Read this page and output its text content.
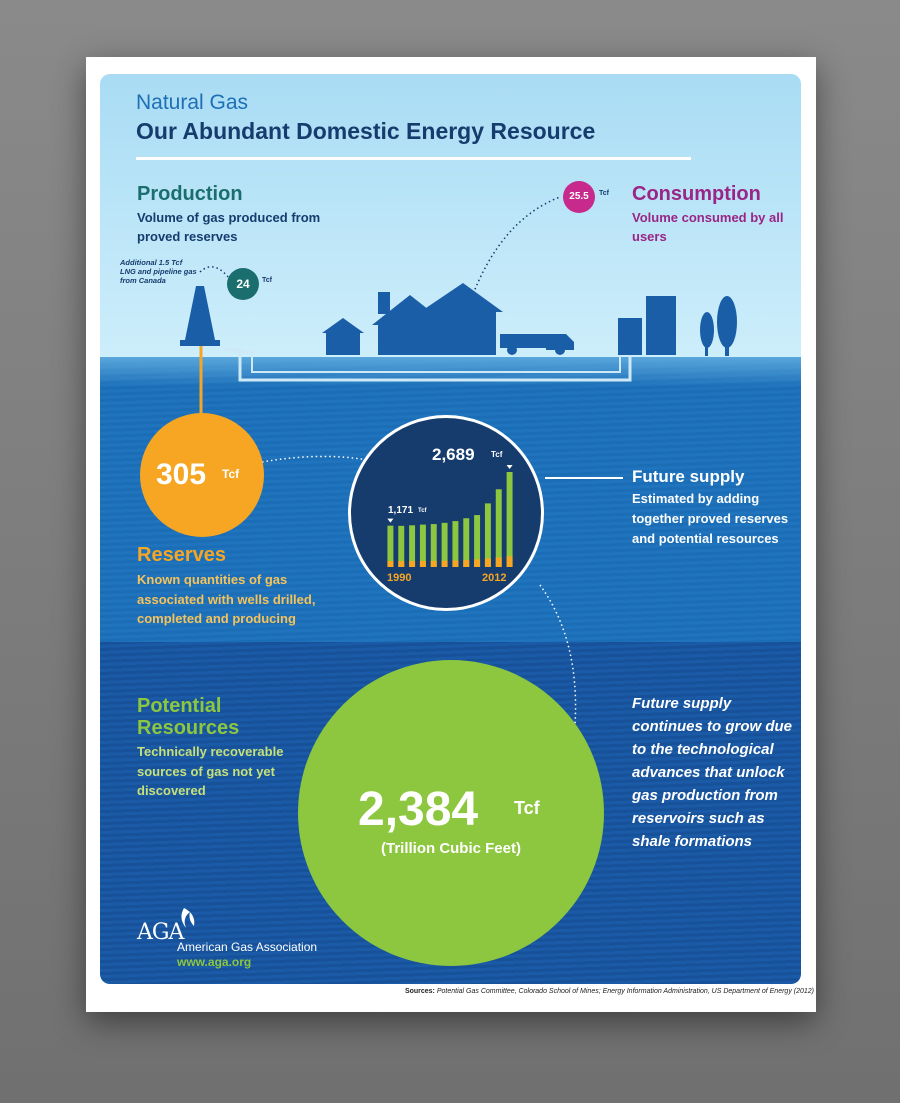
Natural Gas
Our Abundant Domestic Energy Resource
Production
Volume of gas produced from proved reserves
Additional 1.5 Tcf LNG and pipeline gas from Canada	24	Tcf
25.5	Tcf Consumption
Volume consumed by all users
305 Tcf
Reserves
Known quantities of gas associated with wells drilled, completed and producing
2,689 Tcf
1,171 Tcf
1990	2012
Future supply
Estimated by adding together proved reserves and potential resources
Potential Resources
Technically recoverable sources of gas not yet discovered	2,384 Tcf
(Trillion Cubic Feet)
Future supply continues to grow due to the technological advances that unlock gas production from reservoirs such as shale formations
AGA
American Gas Association
www.aga.org
Sources: Potential Gas Committee, Colorado School of Mines; Energy Information Administration, US Department of Energy (2012)
